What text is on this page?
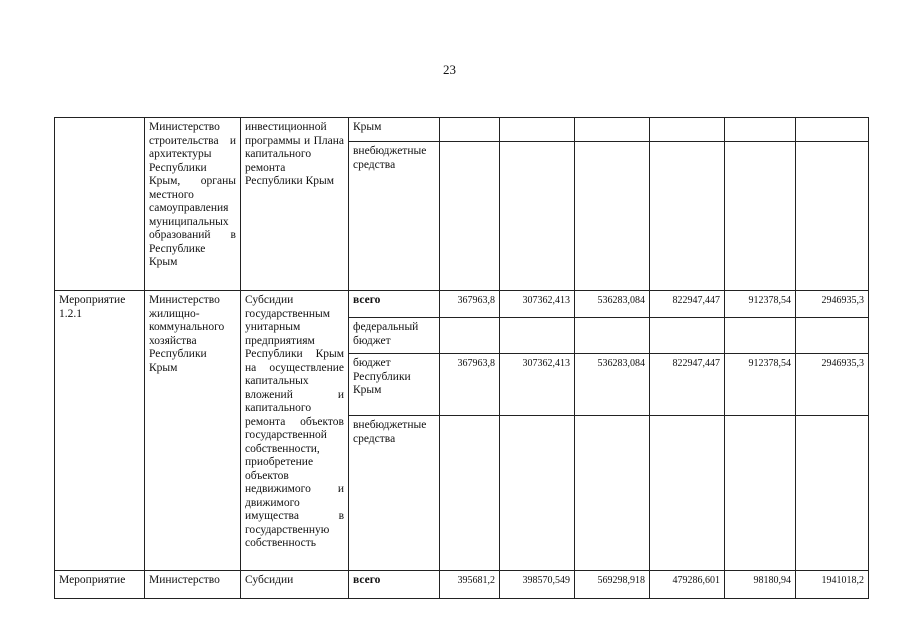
23
	Министерство строительства и архитектуры Республики Крым, органы местного самоуправления муниципальных образований в Республике Крым	инвестиционной программы и Плана капитального ремонта Республики Крым	Крым						
			внебюджетные средства						
Мероприятие 1.2.1	Министерство жилищно-коммунального хозяйства Республики Крым	Субсидии государственным унитарным предприятиям Республики Крым на осуществление капитальных вложений и капитального ремонта объектов государственной собственности, приобретение объектов недвижимого и движимого имущества в государственную собственность	всего	367963,8	307362,413	536283,084	822947,447	912378,54	2946935,3
			федеральный бюджет						
			бюджет Республики Крым	367963,8	307362,413	536283,084	822947,447	912378,54	2946935,3
			внебюджетные средства						
Мероприятие	Министерство	Субсидии	всего	395681,2	398570,549	569298,918	479286,601	98180,94	1941018,2
